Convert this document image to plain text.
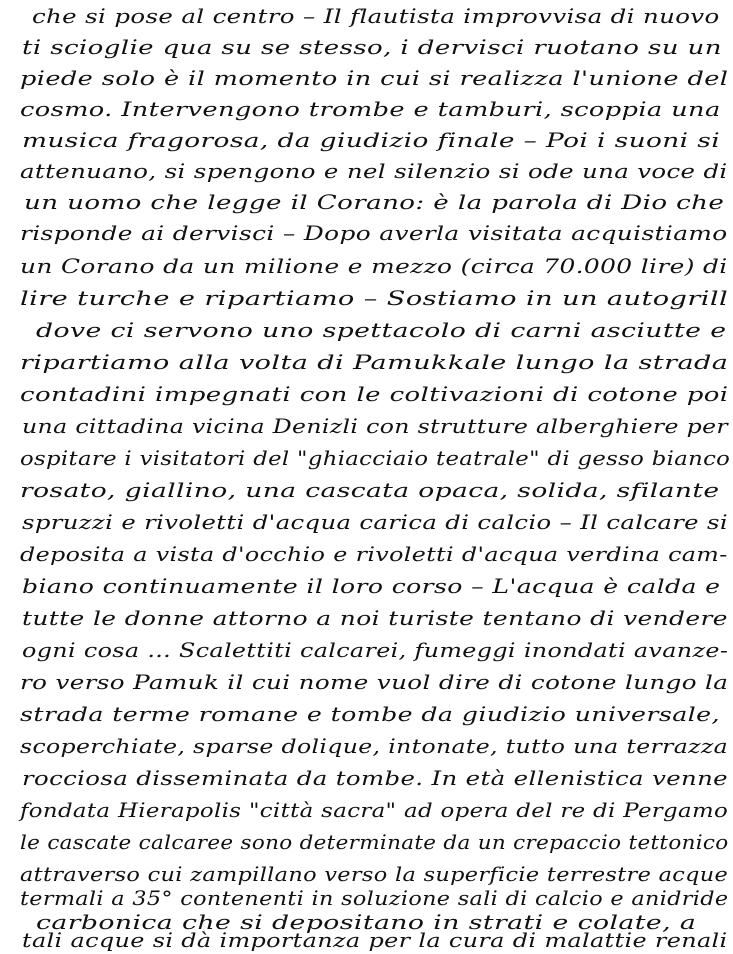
che si pose al centro – Il flautista improvvisa di nuovo
ti scioglie qua su se stesso, i dervisci ruotano su un
piede solo è il momento in cui si realizza l'unione del
cosmo. Intervengono trombe e tamburi, scoppia una
musica fragorosa, da giudizio finale – Poi i suoni si
attenuano, si spengono e nel silenzio si ode una voce di
un uomo che legge il Corano: è la parola di Dio che
risponde ai dervisci – Dopo averla visitata acquistiamo
un Corano da un milione e mezzo (circa 70.000 lire) di
lire turche e ripartiamo – Sostiamo in un autogrill
dove ci servono uno spettacolo di carni asciutte e
ripartiamo alla volta di Pamukkale lungo la strada
contadini impegnati con le coltivazioni di cotone poi
una cittadina vicina Denizli con strutture alberghiere per
ospitare i visitatori del "ghiacciaio teatrale" di gesso bianco
rosato, giallino, una cascata opaca, solida, sfilante
spruzzi e rivoletti d'acqua carica di calcio – Il calcare si
deposita a vista d'occhio e rivoletti d'acqua verdina cam-
biano continuamente il loro corso – L'acqua è calda e
tutte le donne attorno a noi turiste tentano di vendere
ogni cosa ... Scalettiti calcarei, fumeggi inondati avanze-
ro verso Pamuk il cui nome vuol dire di cotone lungo la
strada terme romane e tombe da giudizio universale,
scoperchiate, sparse dolique, intonate, tutto una terrazza
rocciosa disseminata da tombe. In età ellenistica venne
fondata Hierapolis "città sacra" ad opera del re di Pergamo
le cascate calcaree sono determinate da un crepaccio tettonico
attraverso cui zampillano verso la superficie terrestre acque
termali a 35° contenenti in soluzione sali di calcio e anidride
carbonica che si depositano in strati e colate, a
tali acque si dà importanza per la cura di malattie renali
